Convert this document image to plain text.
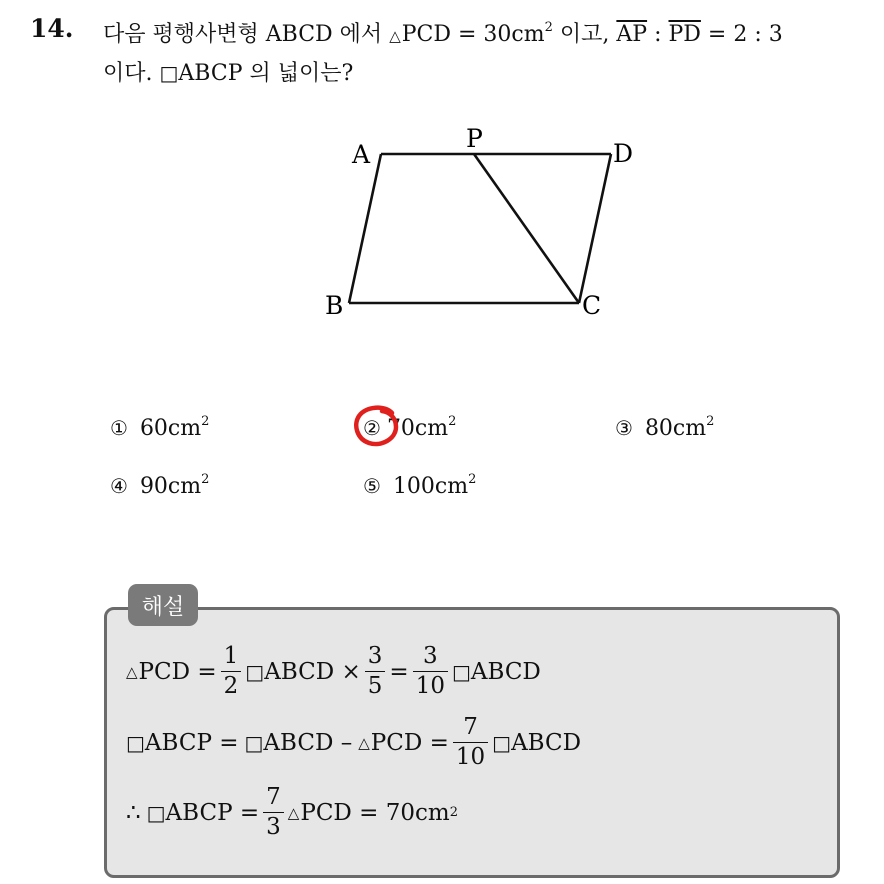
14. 다음 평행사변형 ABCD 에서 △PCD = $30cm^2$ 이고, $\overline{AP}$ : $\overline{PD} = 2$ : 3
이다. □ABCP 의 넓이는?
A
P
D
B	C
① $60cm^2$	② $70cm^2$	③ $80cm^2$
④ $90cm^2$	⑤ $100cm^2$
해설
△ PCD = $\frac{1}{2}$ □ ABCD × $\frac{3}{5} = \frac{3}{10}$ □ ABCD
□ ABCP = □ ABCD – △ PCD = $\frac{7}{10}$ □ ABCD
∴ □ ABCP = $\frac{7}{3}$ △ PCD = 70cm 2
